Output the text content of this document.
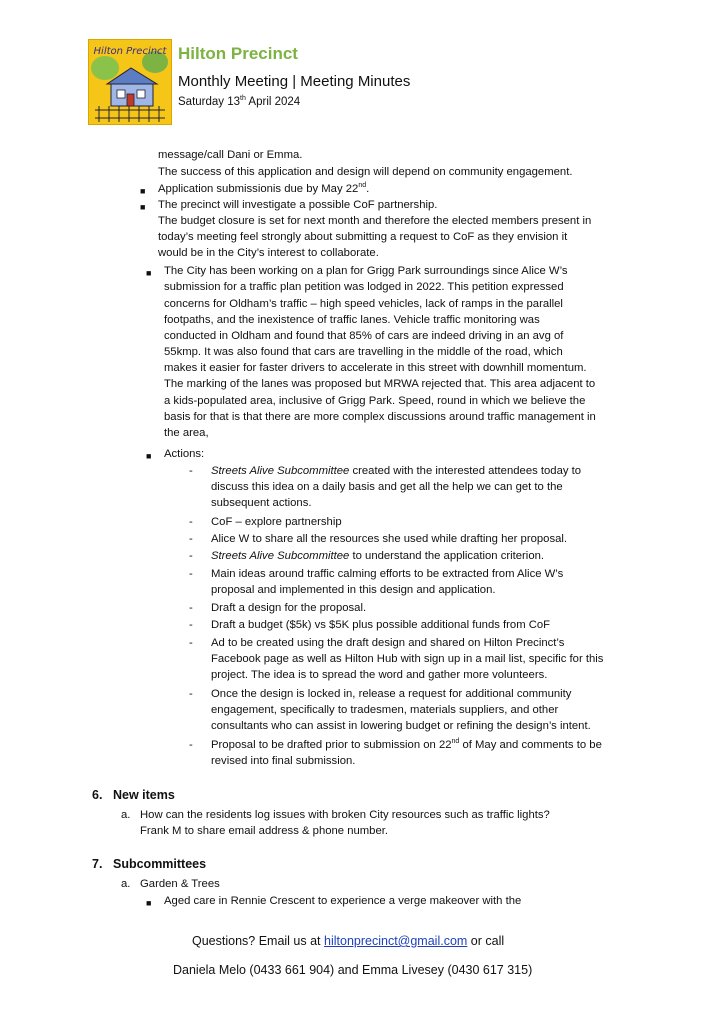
Hilton Precinct Hilton Precinct
Monthly Meeting | Meeting Minutes
Saturday 13th April 2024
message/call Dani or Emma.
The success of this application and design will depend on community engagement.
■ Application submissionis due by May 22nd.
■ The precinct will investigate a possible CoF partnership.
The budget closure is set for next month and therefore the elected members present in
today’s meeting feel strongly about submitting a request to CoF as they envision it
would be in the City’s interest to collaborate.
■ The City has been working on a plan for Grigg Park surroundings since Alice W’s
submission for a traffic plan petition was lodged in 2022. This petition expressed
concerns for Oldham’s traffic – high speed vehicles, lack of ramps in the parallel
footpaths, and the inexistence of traffic lanes. Vehicle traffic monitoring was
conducted in Oldham and found that 85% of cars are indeed driving in an avg of
55kmp. It was also found that cars are travelling in the middle of the road, which
makes it easier for faster drivers to accelerate in this street with downhill momentum.
The marking of the lanes was proposed but MRWA rejected that. This area adjacent to
a kids-populated area, inclusive of Grigg Park. Speed, round in which we believe the
basis for that is that there are more complex discussions around traffic management in
the area,
■ Actions:
- Streets Alive Subcommittee created with the interested attendees today to
discuss this idea on a daily basis and get all the help we can get to the
subsequent actions.
- CoF – explore partnership
- Alice W to share all the resources she used while drafting her proposal.
- Streets Alive Subcommittee to understand the application criterion.
- Main ideas around traffic calming efforts to be extracted from Alice W’s
proposal and implemented in this design and application.
- Draft a design for the proposal.
- Draft a budget ($5k) vs $5K plus possible additional funds from CoF
- Ad to be created using the draft design and shared on Hilton Precinct’s
Facebook page as well as Hilton Hub with sign up in a mail list, specific for this
project. The idea is to spread the word and gather more volunteers.
- Once the design is locked in, release a request for additional community
engagement, specifically to tradesmen, materials suppliers, and other
consultants who can assist in lowering budget or refining the design’s intent.
- Proposal to be drafted prior to submission on 22nd of May and comments to be
revised into final submission.
6. New items
a. How can the residents log issues with broken City resources such as traffic lights?
Frank M to share email address & phone number.
7. Subcommittees
a. Garden & Trees
■ Aged care in Rennie Crescent to experience a verge makeover with the
Questions? Email us at hiltonprecinct@gmail.com or call
Daniela Melo (0433 661 904) and Emma Livesey (0430 617 315)
